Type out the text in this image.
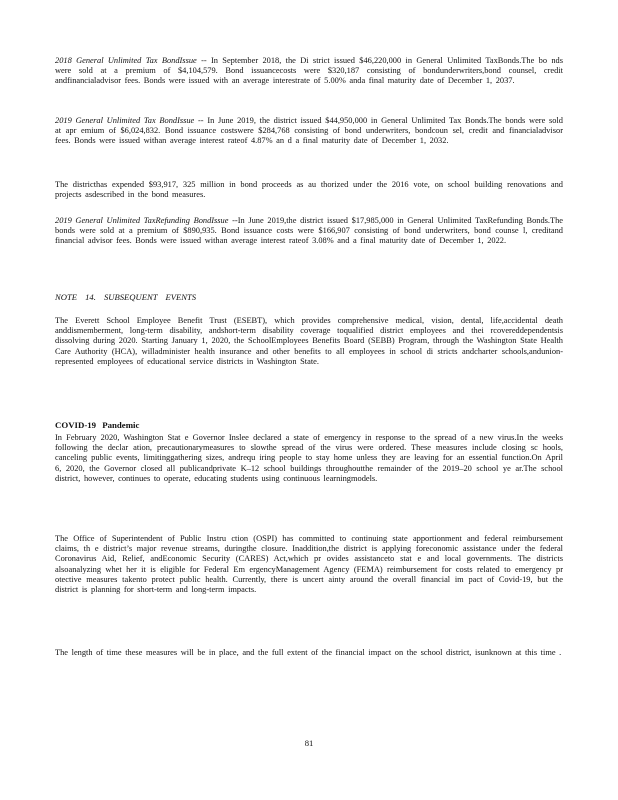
2018 General Unlimited Tax BondIssue -- In September 2018, the Di strict issued $46,220,000 in General Unlimited TaxBonds.The bo nds were sold at a premium of $4,104,579. Bond issuancecosts were $320,187 consisting of bondunderwriters,bond counsel, credit andfinancialadvisor fees. Bonds were issued with an average interestrate of 5.00% anda final maturity date of December 1, 2037.
2019 General Unlimited Tax BondIssue -- In June 2019, the district issued $44,950,000 in General Unlimited Tax Bonds.The bonds were sold at apr emium of $6,024,832. Bond issuance costswere $284,768 consisting of bond underwriters, bondcoun sel, credit and financialadvisor fees. Bonds were issued withan average interest rateof 4.87% an d a final maturity date of December 1, 2032.
The districthas expended $93,917, 325 million in bond proceeds as au thorized under the 2016 vote, on school building renovations and projects asdescribed in the bond measures.
2019 General Unlimited TaxRefunding BondIssue --In June 2019,the district issued $17,985,000 in General Unlimited TaxRefunding Bonds.The bonds were sold at a premium of $890,935. Bond issuance costs were $166,907 consisting of bond underwriters, bond counse l, creditand financial advisor fees. Bonds were issued withan average interest rateof 3.08% and a final maturity date of December 1, 2022.
NOTE 14. SUBSEQUENT EVENTS
The Everett School Employee Benefit Trust (ESEBT), which provides comprehensive medical, vision, dental, life,accidental death anddismemberment, long-term disability, andshort-term disability coverage toqualified district employees and thei rcovereddependentsis dissolving during 2020. Starting January 1, 2020, the SchoolEmployees Benefits Board (SEBB) Program, through the Washington State Health Care Authority (HCA), willadminister health insurance and other benefits to all employees in school di stricts andcharter schools,andunion-represented employees of educational service districts in Washington State.
COVID-19 Pandemic
In February 2020, Washington Stat e Governor Inslee declared a state of emergency in response to the spread of a new virus.In the weeks following the declar ation, precautionarymeasures to slowthe spread of the virus were ordered. These measures include closing sc hools, canceling public events, limitinggathering sizes, andrequ iring people to stay home unless they are leaving for an essential function.On April 6, 2020, the Governor closed all publicandprivate K–12 school buildings throughoutthe remainder of the 2019–20 school ye ar.The school district, however, continues to operate, educating students using continuous learningmodels.
The Office of Superintendent of Public Instru ction (OSPI) has committed to continuing state apportionment and federal reimbursement claims, th e district’s major revenue streams, duringthe closure. Inaddition,the district is applying foreconomic assistance under the federal Coronavirus Aid, Relief, andEconomic Security (CARES) Act,which pr ovides assistanceto stat e and local governments. The districts alsoanalyzing whet her it is eligible for Federal Em ergencyManagement Agency (FEMA) reimbursement for costs related to emergency pr otective measures takento protect public health. Currently, there is uncert ainty around the overall financial im pact of Covid-19, but the district is planning for short-term and long-term impacts.
The length of time these measures will be in place, and the full extent of the financial impact on the school district, isunknown at this time .
81
